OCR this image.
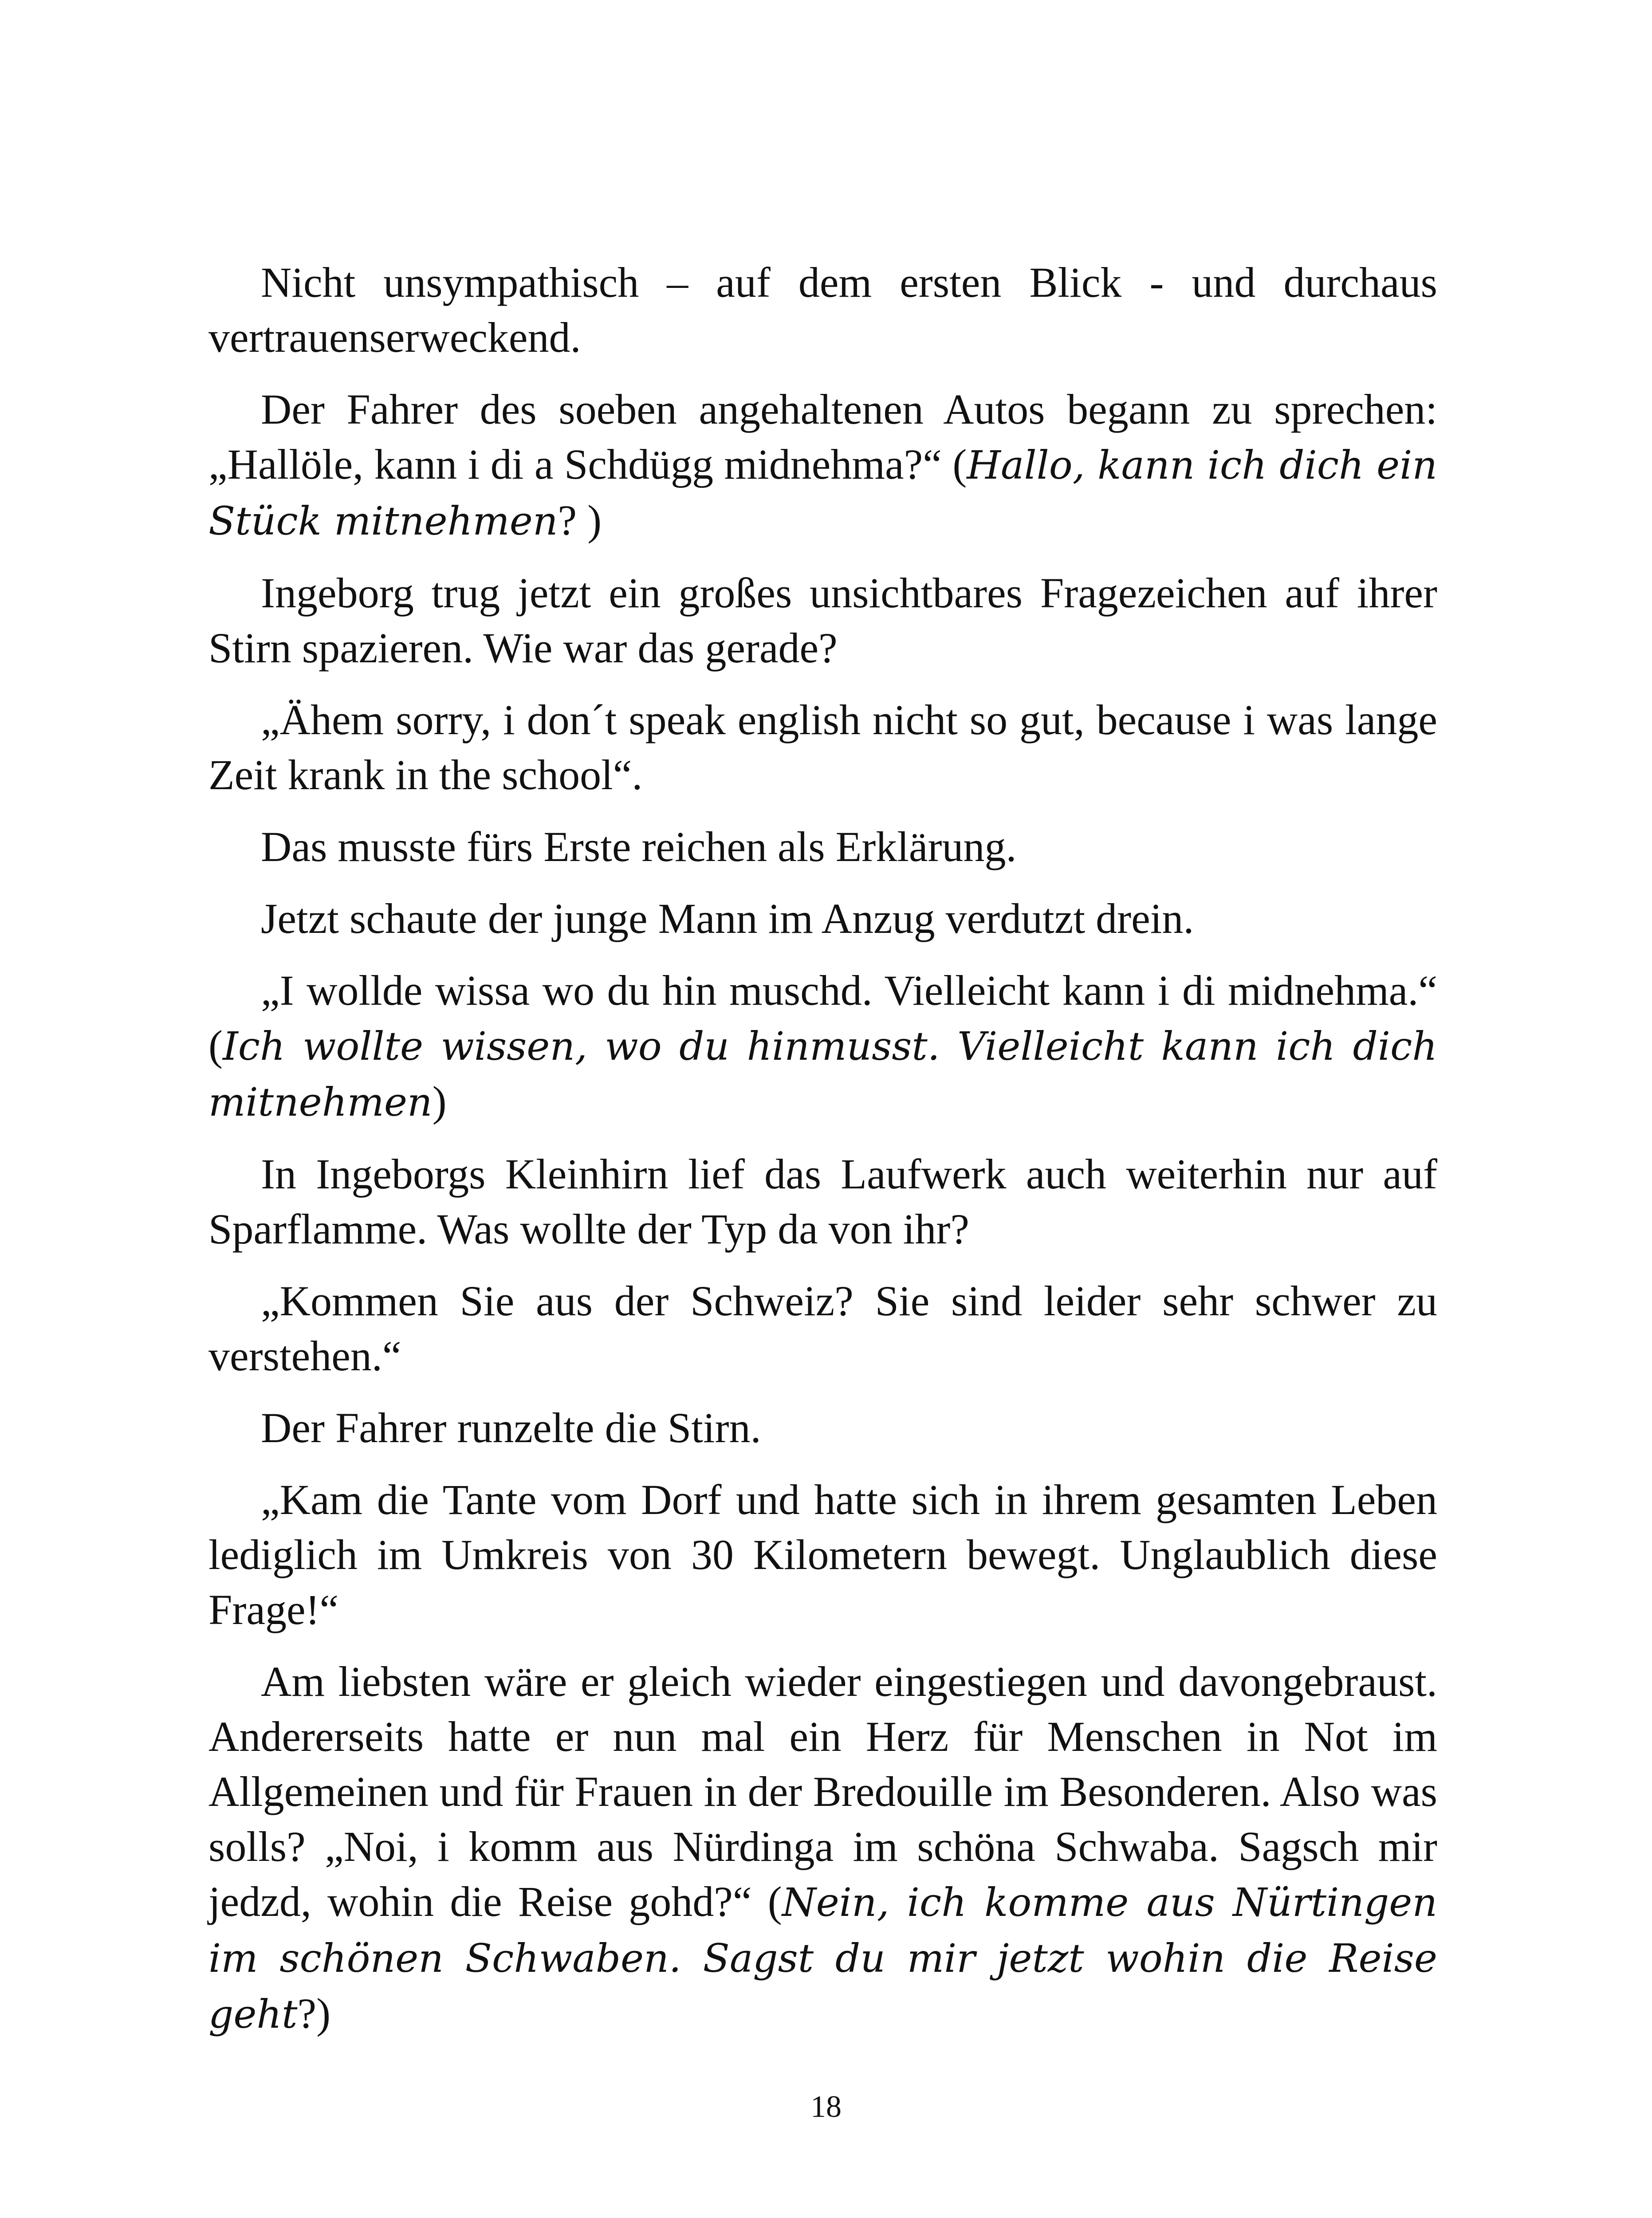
Nicht unsympathisch – auf dem ersten Blick - und durchaus vertrauenserweckend.

Der Fahrer des soeben angehaltenen Autos begann zu sprechen: „Hallöle, kann i di a Schdügg midnehma?“ (Hallo, kann ich dich ein Stück mitnehmen? )

Ingeborg trug jetzt ein großes unsichtbares Fragezeichen auf ihrer Stirn spazieren. Wie war das gerade?

„Ähem sorry, i don´t speak english nicht so gut, because i was lange Zeit krank in the school“.

Das musste fürs Erste reichen als Erklärung.

Jetzt schaute der junge Mann im Anzug verdutzt drein.

„I wollde wissa wo du hin muschd. Vielleicht kann i di midnehma.“ (Ich wollte wissen, wo du hinmusst. Vielleicht kann ich dich mitnehmen)

In Ingeborgs Kleinhirn lief das Laufwerk auch weiterhin nur auf Sparflamme. Was wollte der Typ da von ihr?

„Kommen Sie aus der Schweiz? Sie sind leider sehr schwer zu verstehen.“

Der Fahrer runzelte die Stirn.

„Kam die Tante vom Dorf und hatte sich in ihrem gesamten Leben lediglich im Umkreis von 30 Kilometern bewegt. Unglaublich diese Frage!“

Am liebsten wäre er gleich wieder eingestiegen und davongebraust. Andererseits hatte er nun mal ein Herz für Menschen in Not im Allgemeinen und für Frauen in der Bredouille im Besonderen. Also was solls? „Noi, i komm aus Nürdinga im schöna Schwaba. Sagsch mir jedzd, wohin die Reise gohd?“ (Nein, ich komme aus Nürtingen im schönen Schwaben. Sagst du mir jetzt wohin die Reise geht?)

18
